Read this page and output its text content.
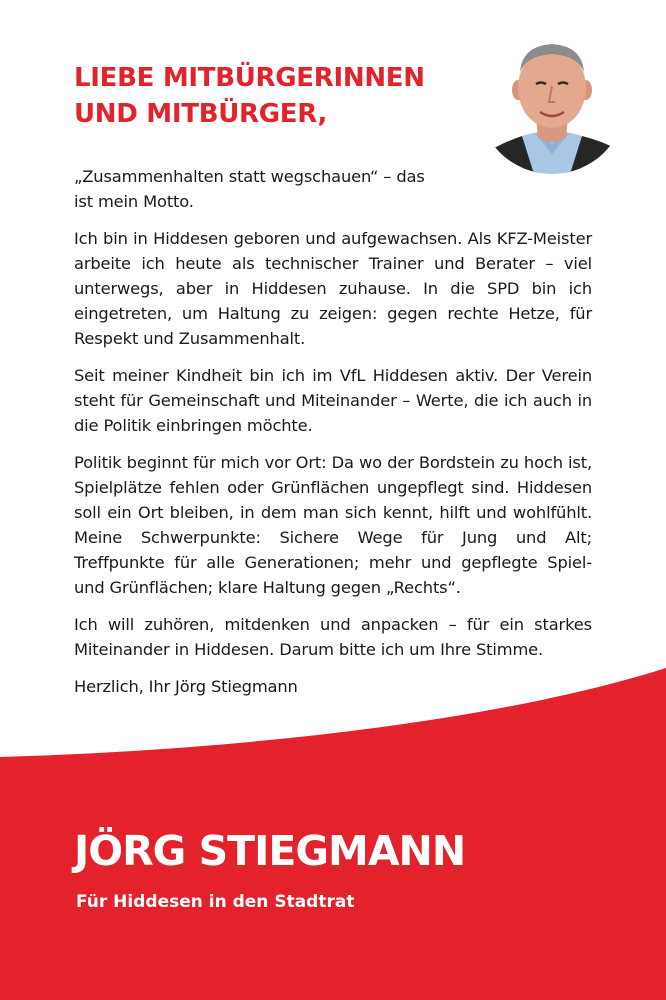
LIEBE MITBÜRGERINNEN
UND MITBÜRGER,

„Zusammenhalten statt wegschauen“ – das ist mein Motto.

Ich bin in Hiddesen geboren und aufgewachsen. Als KFZ-Meister arbeite ich heute als technischer Trainer und Berater – viel unterwegs, aber in Hiddesen zuhause. In die SPD bin ich eingetreten, um Haltung zu zeigen: gegen rechte Hetze, für Respekt und Zusammenhalt.

Seit meiner Kindheit bin ich im VfL Hiddesen aktiv. Der Verein steht für Gemeinschaft und Miteinander – Werte, die ich auch in die Politik einbringen möchte.

Politik beginnt für mich vor Ort: Da wo der Bordstein zu hoch ist, Spielplätze fehlen oder Grünflächen ungepflegt sind. Hiddesen soll ein Ort bleiben, in dem man sich kennt, hilft und wohlfühlt. Meine Schwerpunkte: Sichere Wege für Jung und Alt; Treffpunkte für alle Generationen; mehr und gepflegte Spiel- und Grünflächen; klare Haltung gegen „Rechts“.

Ich will zuhören, mitdenken und anpacken – für ein starkes Miteinander in Hiddesen. Darum bitte ich um Ihre Stimme.

Herzlich, Ihr Jörg Stiegmann

JÖRG STIEGMANN

Für Hiddesen in den Stadtrat
